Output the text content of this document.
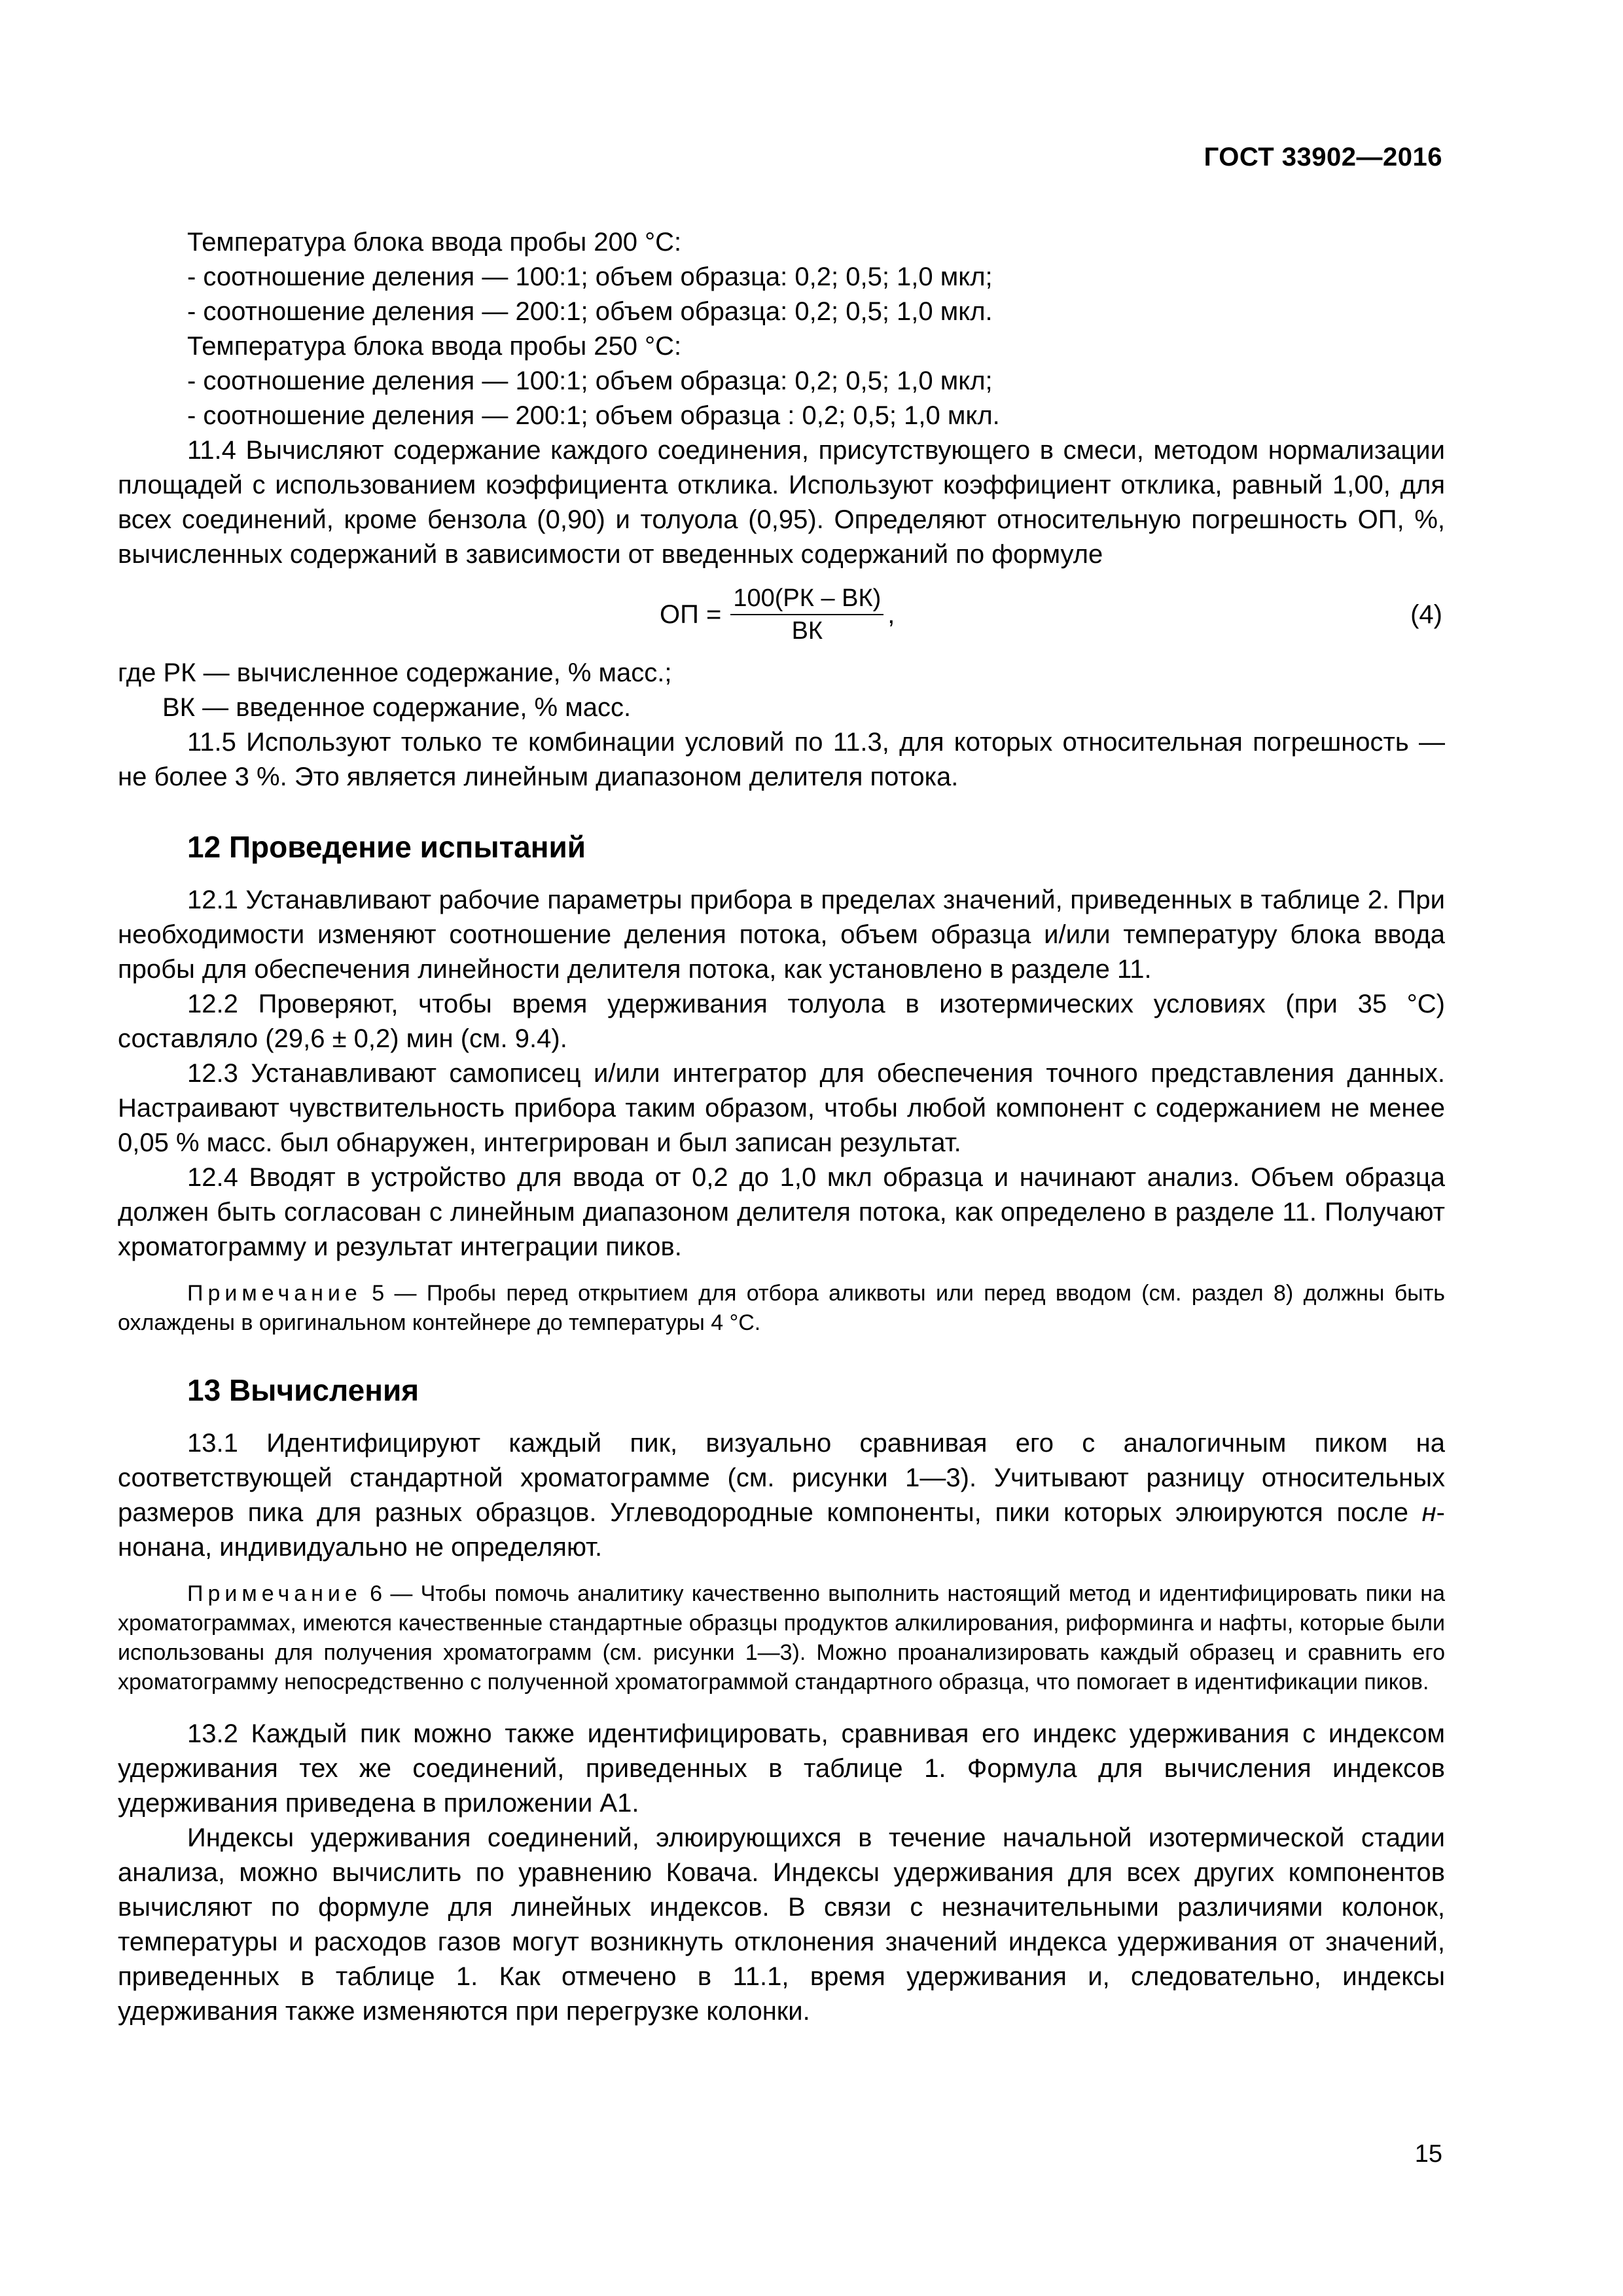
ГОСТ 33902—2016

Температура блока ввода пробы 200 °С:

- соотношение деления — 100:1; объем образца: 0,2; 0,5; 1,0 мкл;

- соотношение деления — 200:1; объем образца: 0,2; 0,5; 1,0 мкл.

Температура блока ввода пробы 250 °С:

- соотношение деления — 100:1; объем образца: 0,2; 0,5; 1,0 мкл;

- соотношение деления — 200:1; объем образца : 0,2; 0,5; 1,0 мкл.

11.4 Вычисляют содержание каждого соединения, присутствующего в смеси, методом нормализации площадей с использованием коэффициента отклика. Используют коэффициент отклика, равный 1,00, для всех соединений, кроме бензола (0,90) и толуола (0,95). Определяют относительную погрешность ОП, %, вычисленных содержаний в зависимости от введенных содержаний по формуле

ОП = $\frac{100(РК - ВК)}{ВК}$ ,	(4)

где РК — вычисленное содержание, % масс.;

ВК — введенное содержание, % масс.

11.5 Используют только те комбинации условий по 11.3, для которых относительная погрешность — не более 3 %. Это является линейным диапазоном делителя потока.

12 Проведение испытаний

12.1 Устанавливают рабочие параметры прибора в пределах значений, приведенных в таблице 2. При необходимости изменяют соотношение деления потока, объем образца и/или температуру блока ввода пробы для обеспечения линейности делителя потока, как установлено в разделе 11.

12.2 Проверяют, чтобы время удерживания толуола в изотермических условиях (при 35 °С) составляло (29,6 ± 0,2) мин (см. 9.4).

12.3 Устанавливают самописец и/или интегратор для обеспечения точного представления данных. Настраивают чувствительность прибора таким образом, чтобы любой компонент с содержанием не менее 0,05 % масс. был обнаружен, интегрирован и был записан результат.

12.4 Вводят в устройство для ввода от 0,2 до 1,0 мкл образца и начинают анализ. Объем образца должен быть согласован с линейным диапазоном делителя потока, как определено в разделе 11. Получают хроматограмму и результат интеграции пиков.

Примечание 5 — Пробы перед открытием для отбора аликвоты или перед вводом (см. раздел 8) должны быть охлаждены в оригинальном контейнере до температуры 4 °С.

13 Вычисления

13.1 Идентифицируют каждый пик, визуально сравнивая его с аналогичным пиком на соответствующей стандартной хроматограмме (см. рисунки 1—3). Учитывают разницу относительных размеров пика для разных образцов. Углеводородные компоненты, пики которых элюируются после н-нонана, индивидуально не определяют.

Примечание 6 — Чтобы помочь аналитику качественно выполнить настоящий метод и идентифицировать пики на хроматограммах, имеются качественные стандартные образцы продуктов алкилирования, риформинга и нафты, которые были использованы для получения хроматограмм (см. рисунки 1—3). Можно проанализировать каждый образец и сравнить его хроматограмму непосредственно с полученной хроматограммой стандартного образца, что помогает в идентификации пиков.

13.2 Каждый пик можно также идентифицировать, сравнивая его индекс удерживания с индексом удерживания тех же соединений, приведенных в таблице 1. Формула для вычисления индексов удерживания приведена в приложении А1.

Индексы удерживания соединений, элюирующихся в течение начальной изотермической стадии анализа, можно вычислить по уравнению Ковача. Индексы удерживания для всех других компонентов вычисляют по формуле для линейных индексов. В связи с незначительными различиями колонок, температуры и расходов газов могут возникнуть отклонения значений индекса удерживания от значений, приведенных в таблице 1. Как отмечено в 11.1, время удерживания и, следовательно, индексы удерживания также изменяются при перегрузке колонки.

15
